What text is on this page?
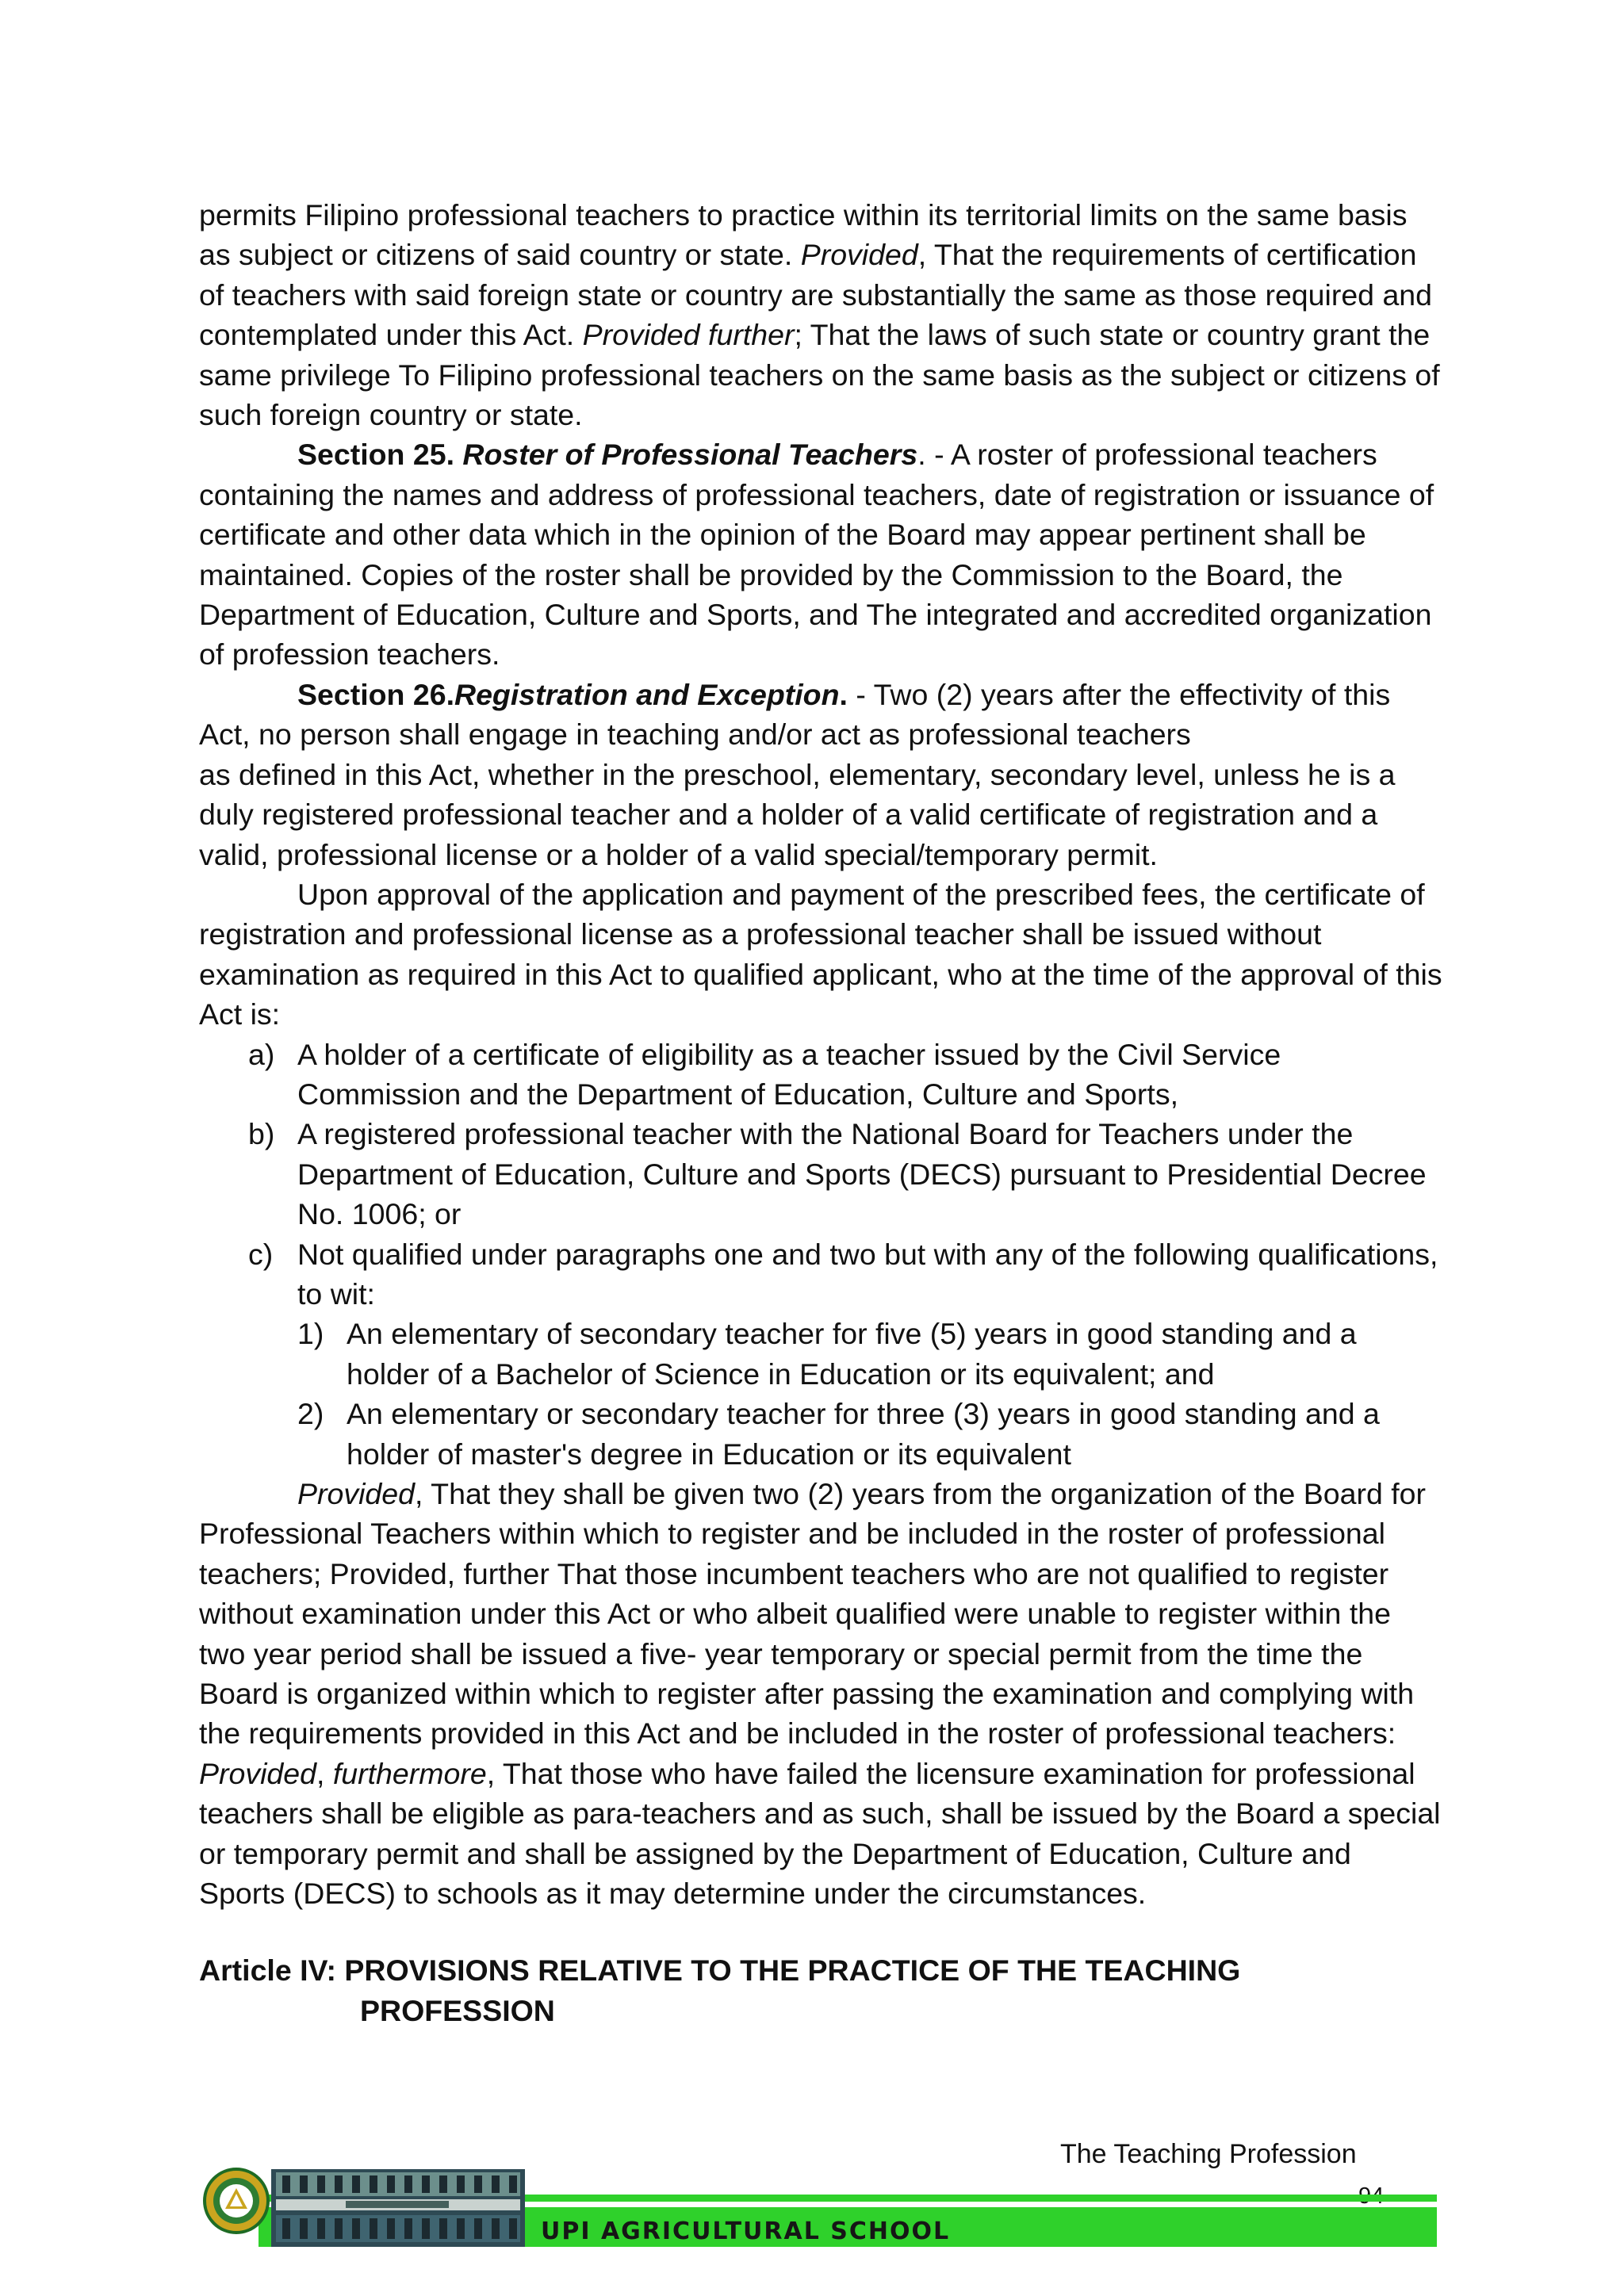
permits Filipino professional teachers to practice within its territorial limits on the same basis as subject or citizens of said country or state. Provided, That the requirements of certification of teachers with said foreign state or country are substantially the same as those required and contemplated under this Act. Provided further; That the laws of such state or country grant the same privilege To Filipino professional teachers on the same basis as the subject or citizens of such foreign country or state.

Section 25. Roster of Professional Teachers. - A roster of professional teachers containing the names and address of professional teachers, date of registration or issuance of certificate and other data which in the opinion of the Board may appear pertinent shall be maintained. Copies of the roster shall be provided by the Commission to the Board, the Department of Education, Culture and Sports, and The integrated and accredited organization of profession teachers.

Section 26.Registration and Exception. - Two (2) years after the effectivity of this Act, no person shall engage in teaching and/or act as professional teachers

as defined in this Act, whether in the preschool, elementary, secondary level, unless he is a duly registered professional teacher and a holder of a valid certificate of registration and a valid, professional license or a holder of a valid special/temporary permit.

Upon approval of the application and payment of the prescribed fees, the certificate of registration and professional license as a professional teacher shall be issued without examination as required in this Act to qualified applicant, who at the time of the approval of this Act is:

a) A holder of a certificate of eligibility as a teacher issued by the Civil Service Commission and the Department of Education, Culture and Sports,
b) A registered professional teacher with the National Board for Teachers under the Department of Education, Culture and Sports (DECS) pursuant to Presidential Decree No. 1006; or
c) Not qualified under paragraphs one and two but with any of the following qualifications, to wit:
1) An elementary of secondary teacher for five (5) years in good standing and a holder of a Bachelor of Science in Education or its equivalent; and
2) An elementary or secondary teacher for three (3) years in good standing and a holder of master's degree in Education or its equivalent

Provided, That they shall be given two (2) years from the organization of the Board for Professional Teachers within which to register and be included in the roster of professional teachers; Provided, further That those incumbent teachers who are not qualified to register without examination under this Act or who albeit qualified were unable to register within the two year period shall be issued a five- year temporary or special permit from the time the Board is organized within which to register after passing the examination and complying with the requirements provided in this Act and be included in the roster of professional teachers: Provided, furthermore, That those who have failed the licensure examination for professional teachers shall be eligible as para-teachers and as such, shall be issued by the Board a special or temporary permit and shall be assigned by the Department of Education, Culture and Sports (DECS) to schools as it may determine under the circumstances.

Article IV: PROVISIONS RELATIVE TO THE PRACTICE OF THE TEACHING
PROFESSION

The Teaching Profession
UPI AGRICULTURAL SCHOOL
